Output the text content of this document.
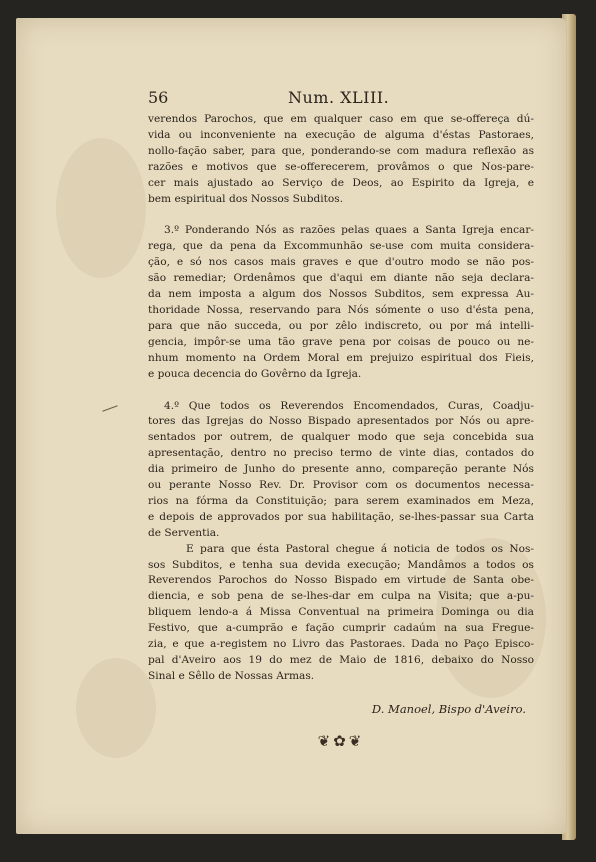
56	Num. XLIII.

verendos Parochos, que em qualquer caso em que se-offereça dú-
vida ou inconveniente na execução de alguma d'éstas Pastoraes,
nollo-fação saber, para que, ponderando-se com madura reflexão as
razões e motivos que se-offerecerem, provâmos o que Nos-pare-
cer mais ajustado ao Serviço de Deos, ao Espirito da Igreja, e
bem espiritual dos Nossos Subditos.

3.º Ponderando Nós as razões pelas quaes a Santa Igreja encar-
rega, que da pena da Excommunhão se-use com muita considera-
ção, e só nos casos mais graves e que d'outro modo se não pos-
são remediar; Ordenâmos que d'aqui em diante não seja declara-
da nem imposta a algum dos Nossos Subditos, sem expressa Au-
thoridade Nossa, reservando para Nós sómente o uso d'ésta pena,
para que não succeda, ou por zêlo indiscreto, ou por má intelli-
gencia, impôr-se uma tão grave pena por coisas de pouco ou ne-
nhum momento na Ordem Moral em prejuizo espiritual dos Fieis,
e pouca decencia do Govêrno da Igreja.

4.º Que todos os Reverendos Encomendados, Curas, Coadju-
tores das Igrejas do Nosso Bispado apresentados por Nós ou apre-
sentados por outrem, de qualquer modo que seja concebida sua
apresentação, dentro no preciso termo de vinte dias, contados do
dia primeiro de Junho do presente anno, compareção perante Nós
ou perante Nosso Rev. Dr. Provisor com os documentos necessa-
rios na fórma da Constituição; para serem examinados em Meza,
e depois de approvados por sua habilitação, se-lhes-passar sua Carta
de Serventia.

E para que ésta Pastoral chegue á noticia de todos os Nos-
sos Subditos, e tenha sua devida execução; Mandâmos a todos os
Reverendos Parochos do Nosso Bispado em virtude de Santa obe-
diencia, e sob pena de se-lhes-dar em culpa na Visita; que a-pu-
bliquem lendo-a á Missa Conventual na primeira Dominga ou dia
Festivo, que a-cumprão e fação cumprir cadaúm na sua Fregue-
zia, e que a-registem no Livro das Pastoraes. Dada no Paço Episco-
pal d'Aveiro aos 19 do mez de Maio de 1816, debaixo do Nosso
Sinal e Sêllo de Nossas Armas.

D. Manoel, Bispo d'Aveiro.
❦✿❦
